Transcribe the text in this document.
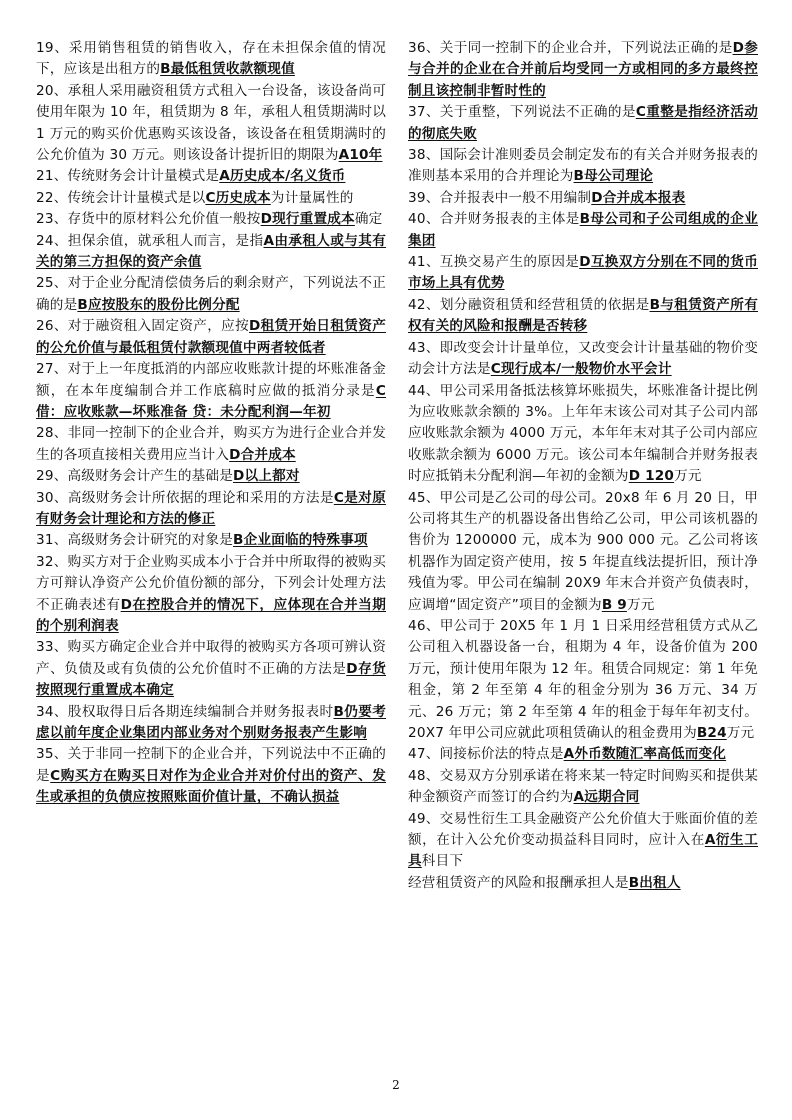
19、采用销售租赁的销售收入，存在未担保余值的情况下，应该是出租方的B最低租赁收款额现值

20、承租人采用融资租赁方式租入一台设备，该设备尚可使用年限为 10 年，租赁期为 8 年，承租人租赁期满时以 1 万元的购买价优惠购买该设备，该设备在租赁期满时的公允价值为 30 万元。则该设备计提折旧的期限为A10年

21、传统财务会计计量模式是A历史成本/名义货币

22、传统会计计量模式是以C历史成本为计量属性的

23、存货中的原材料公允价值一般按D现行重置成本确定

24、担保余值，就承租人而言，是指A由承租人或与其有关的第三方担保的资产余值

25、对于企业分配清偿债务后的剩余财产，下列说法不正确的是B应按股东的股份比例分配

26、对于融资租入固定资产，应按D租赁开始日租赁资产的公允价值与最低租赁付款额现值中两者较低者

27、对于上一年度抵消的内部应收账款计提的坏账准备金额，在本年度编制合并工作底稿时应做的抵消分录是C借：应收账款—坏账准备 贷：未分配利润—年初

28、非同一控制下的企业合并，购买方为进行企业合并发生的各项直接相关费用应当计入D合并成本

29、高级财务会计产生的基础是D以上都对

30、高级财务会计所依据的理论和采用的方法是C是对原有财务会计理论和方法的修正

31、高级财务会计研究的对象是B企业面临的特殊事项

32、购买方对于企业购买成本小于合并中所取得的被购买方可辩认净资产公允价值份额的部分，下列会计处理方法不正确表述有D在控股合并的情况下，应体现在合并当期的个别利润表

33、购买方确定企业合并中取得的被购买方各项可辨认资产、负债及或有负债的公允价值时不正确的方法是D存货按照现行重置成本确定

34、股权取得日后各期连续编制合并财务报表时B仍要考虑以前年度企业集团内部业务对个别财务报表产生影响

35、关于非同一控制下的企业合并，下列说法中不正确的是C购买方在购买日对作为企业合并对价付出的资产、发生或承担的负债应按照账面价值计量，不确认损益

36、关于同一控制下的企业合并，下列说法正确的是D参与合并的企业在合并前后均受同一方或相同的多方最终控制且该控制非暂时性的

37、关于重整，下列说法不正确的是C重整是指经济活动的彻底失败

38、国际会计准则委员会制定发布的有关合并财务报表的准则基本采用的合并理论为B母公司理论

39、合并报表中一般不用编制D合并成本报表

40、合并财务报表的主体是B母公司和子公司组成的企业集团

41、互换交易产生的原因是D互换双方分别在不同的货币市场上具有优势

42、划分融资租赁和经营租赁的依据是B与租赁资产所有权有关的风险和报酬是否转移

43、即改变会计计量单位，又改变会计计量基础的物价变动会计方法是C现行成本/一般物价水平会计

44、甲公司采用备抵法核算坏账损失，坏账准备计提比例为应收账款余额的 3%。上年年末该公司对其子公司内部应收账款余额为 4000 万元，本年年末对其子公司内部应收账款余额为 6000 万元。该公司本年编制合并财务报表时应抵销未分配利润—年初的金额为D 120万元

45、甲公司是乙公司的母公司。20x8 年 6 月 20 日，甲公司将其生产的机器设备出售给乙公司，甲公司该机器的售价为 1200000 元，成本为 900 000 元。乙公司将该机器作为固定资产使用，按 5 年提直线法提折旧，预计净残值为零。甲公司在编制 20X9 年末合并资产负债表时，应调增“固定资产”项目的金额为B 9万元

46、甲公司于 20X5 年 1 月 1 日采用经营租赁方式从乙公司租入机器设备一台，租期为 4 年，设备价值为 200 万元，预计使用年限为 12 年。租赁合同规定：第 1 年免租金，第 2 年至第 4 年的租金分别为 36 万元、34 万元、26 万元；第 2 年至第 4 年的租金于每年年初支付。20X7 年甲公司应就此项租赁确认的租金费用为B24万元

47、间接标价法的特点是A外币数随汇率高低而变化

48、交易双方分别承诺在将来某一特定时间购买和提供某种金额资产而签订的合约为A远期合同

49、交易性衍生工具金融资产公允价值大于账面价值的差额，在计入公允价变动损益科目同时，应计入在A衍生工具科目下

经营租赁资产的风险和报酬承担人是B出租人

2
